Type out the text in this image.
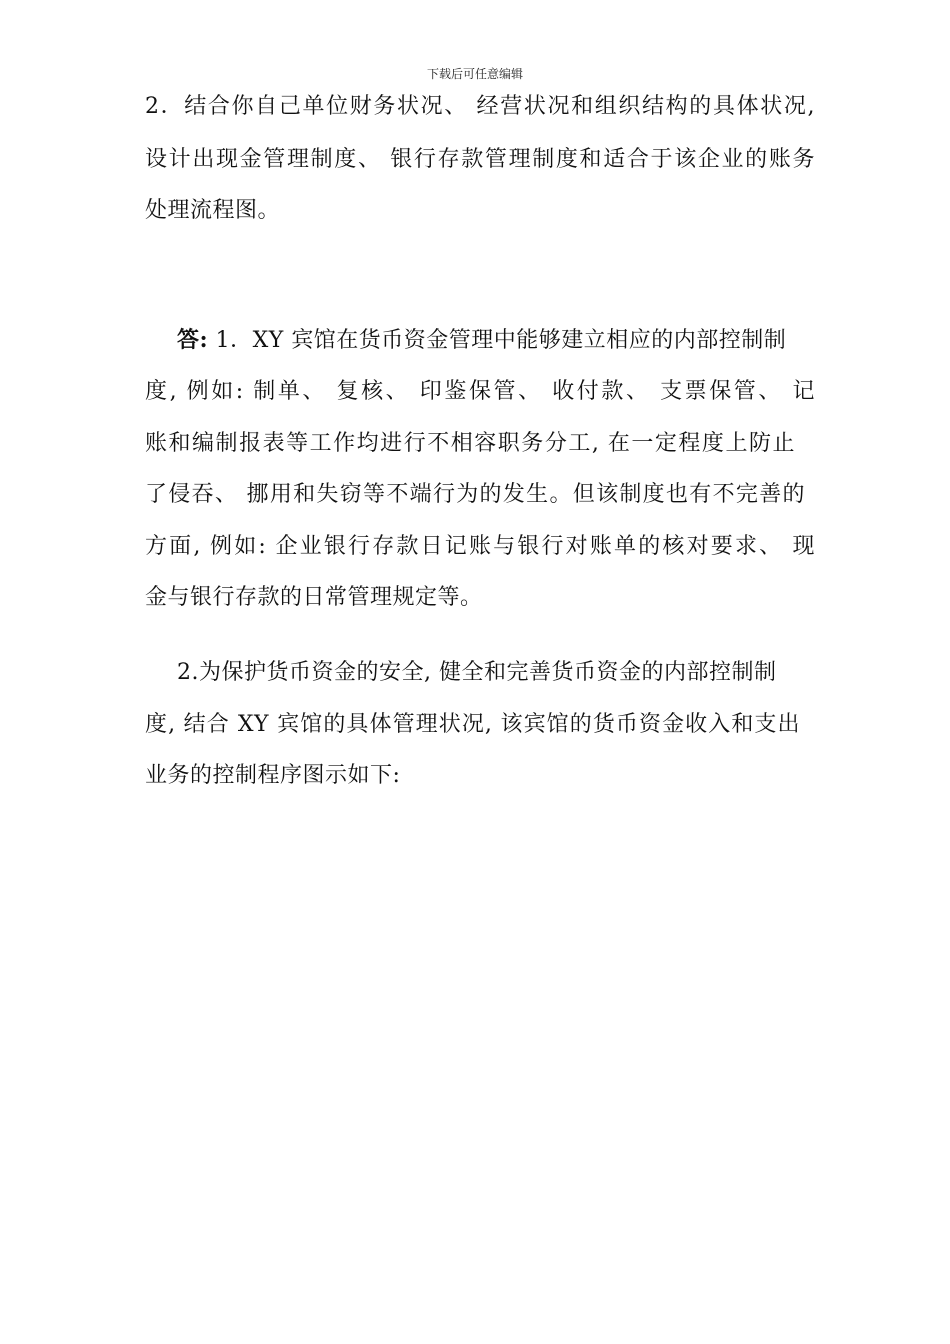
下载后可任意编辑
2．结合你自己单位财务状况、 经营状况和组织结构的具体状况,
设计出现金管理制度、 银行存款管理制度和适合于该企业的账务
处理流程图。
答: 1．XY 宾馆在货币资金管理中能够建立相应的内部控制制
度, 例如: 制单、 复核、 印鉴保管、 收付款、 支票保管、 记
账和编制报表等工作均进行不相容职务分工, 在一定程度上防止
了侵吞、 挪用和失窃等不端行为的发生。但该制度也有不完善的
方面, 例如: 企业银行存款日记账与银行对账单的核对要求、 现
金与银行存款的日常管理规定等。
2.为保护货币资金的安全, 健全和完善货币资金的内部控制制
度, 结合 XY 宾馆的具体管理状况, 该宾馆的货币资金收入和支出
业务的控制程序图示如下:
